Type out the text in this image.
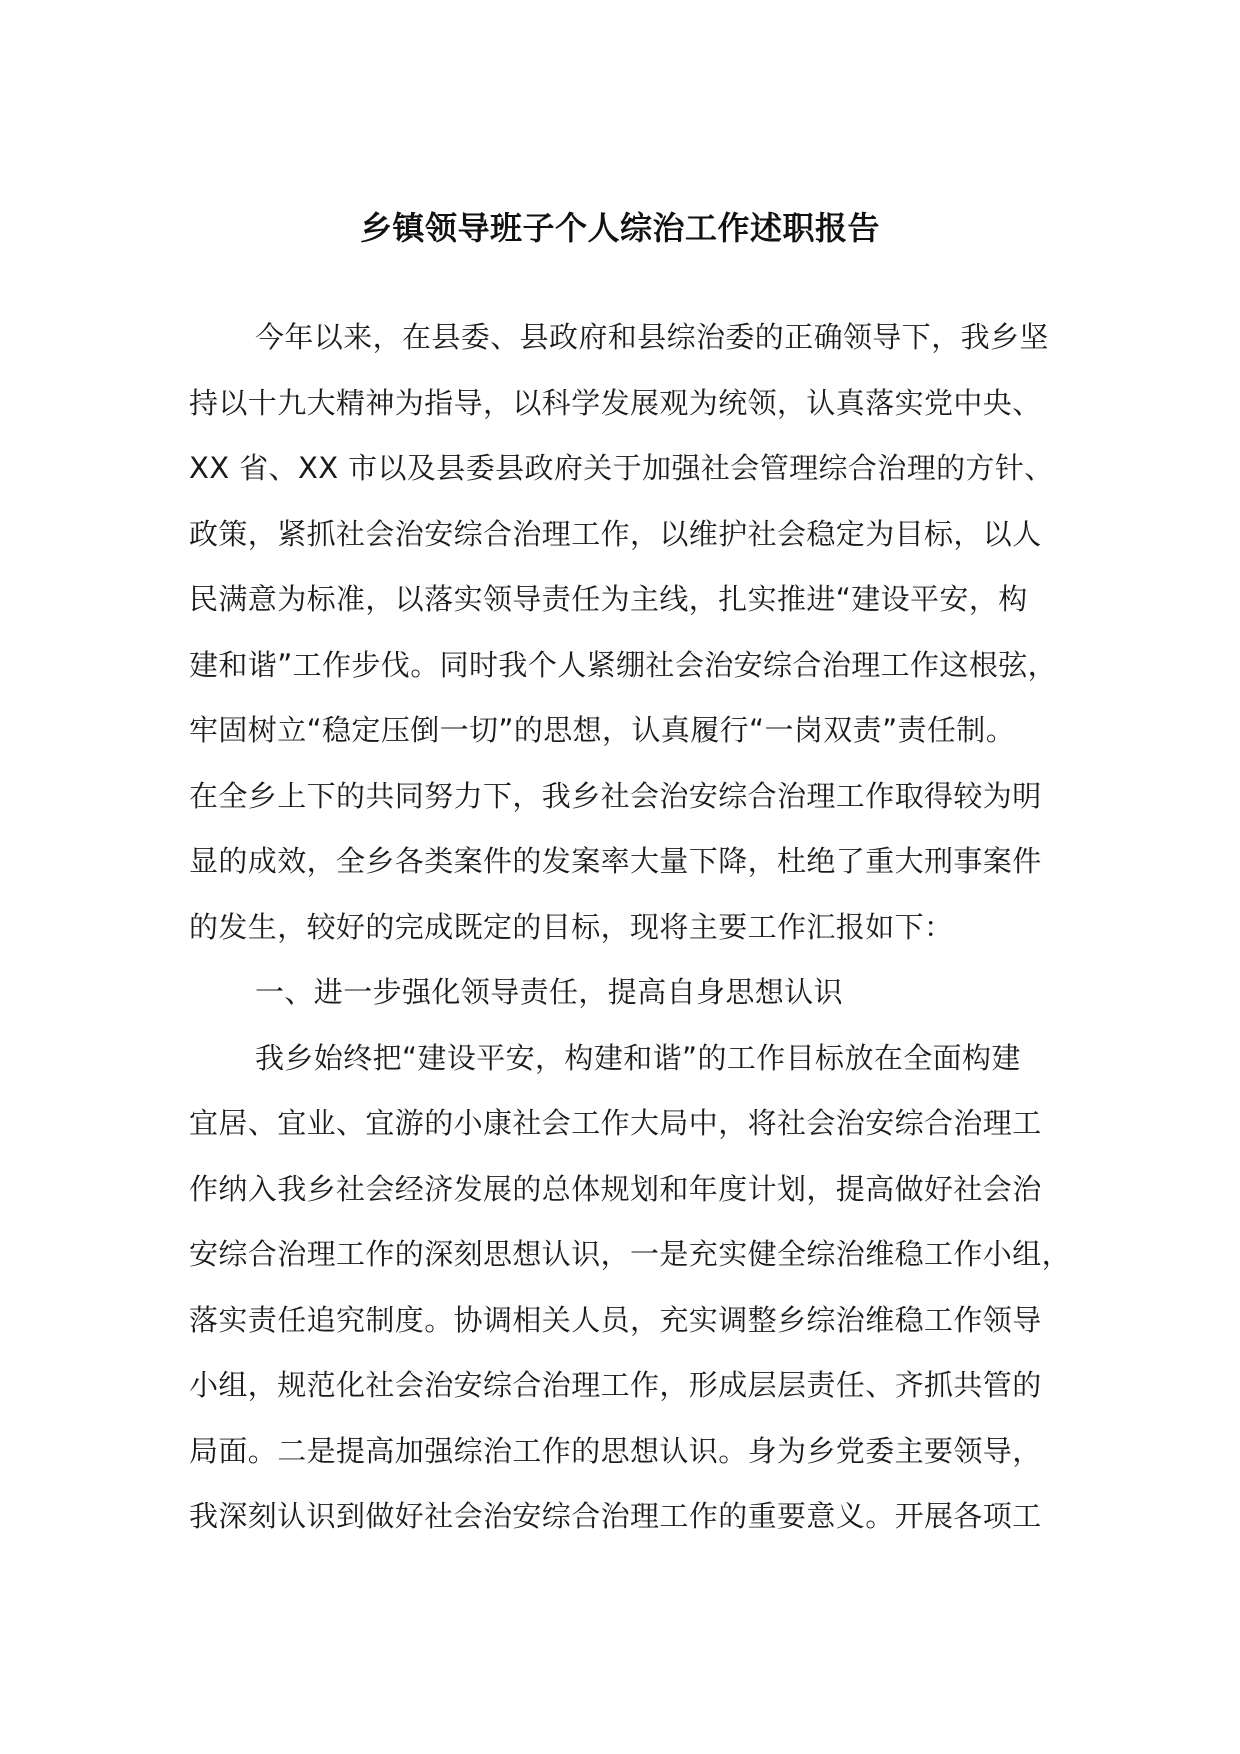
乡镇领导班子个人综治工作述职报告
今年以来，在县委、县政府和县综治委的正确领导下，我乡坚
持以十九大精神为指导，以科学发展观为统领，认真落实党中央、
XX 省、XX 市以及县委县政府关于加强社会管理综合治理的方针、
政策，紧抓社会治安综合治理工作，以维护社会稳定为目标，以人
民满意为标准，以落实领导责任为主线，扎实推进“建设平安，构
建和谐”工作步伐。同时我个人紧绷社会治安综合治理工作这根弦，
牢固树立“稳定压倒一切”的思想，认真履行“一岗双责”责任制。
在全乡上下的共同努力下，我乡社会治安综合治理工作取得较为明
显的成效，全乡各类案件的发案率大量下降，杜绝了重大刑事案件
的发生，较好的完成既定的目标，现将主要工作汇报如下：
一、进一步强化领导责任，提高自身思想认识
我乡始终把“建设平安，构建和谐”的工作目标放在全面构建
宜居、宜业、宜游的小康社会工作大局中，将社会治安综合治理工
作纳入我乡社会经济发展的总体规划和年度计划，提高做好社会治
安综合治理工作的深刻思想认识，一是充实健全综治维稳工作小组，
落实责任追究制度。协调相关人员，充实调整乡综治维稳工作领导
小组，规范化社会治安综合治理工作，形成层层责任、齐抓共管的
局面。二是提高加强综治工作的思想认识。身为乡党委主要领导，
我深刻认识到做好社会治安综合治理工作的重要意义。开展各项工
